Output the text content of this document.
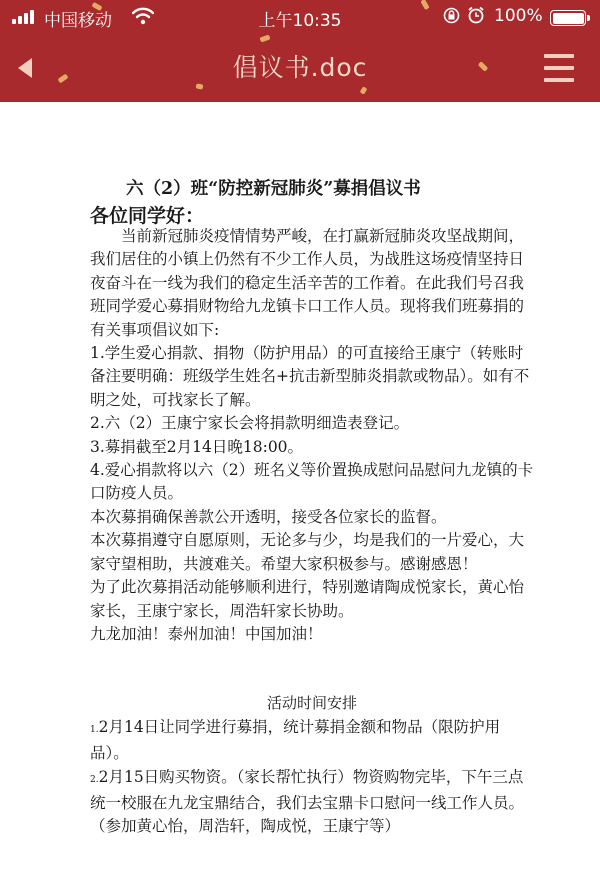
中国移动	上午10:35	100%
倡议书.doc
六（2）班“防控新冠肺炎”募捐倡议书
各位同学好：

当前新冠肺炎疫情情势严峻，在打赢新冠肺炎攻坚战期间，我们居住的小镇上仍然有不少工作人员，为战胜这场疫情坚持日夜奋斗在一线为我们的稳定生活辛苦的工作着。在此我们号召我班同学爱心募捐财物给九龙镇卡口工作人员。现将我们班募捐的有关事项倡议如下:

1.学生爱心捐款、捐物（防护用品）的可直接给王康宁（转账时备注要明确：班级学生姓名+抗击新型肺炎捐款或物品）。如有不明之处，可找家长了解。

2.六（2）王康宁家长会将捐款明细造表登记。

3.募捐截至2月14日晚18:00。

4.爱心捐款将以六（2）班名义等价置换成慰问品慰问九龙镇的卡口防疫人员。

本次募捐确保善款公开透明，接受各位家长的监督。

本次募捐遵守自愿原则，无论多与少，均是我们的一片爱心，大家守望相助，共渡难关。希望大家积极参与。感谢感恩！

为了此次募捐活动能够顺利进行，特别邀请陶成悦家长，黄心怡家长，王康宁家长，周浩轩家长协助。

九龙加油！泰州加油！中国加油！

活动时间安排

1.2月14日让同学进行募捐，统计募捐金额和物品（限防护用品）。

2.2月15日购买物资。（家长帮忙执行）物资购物完毕，下午三点统一校服在九龙宝鼎结合，我们去宝鼎卡口慰问一线工作人员。（参加黄心怡，周浩轩，陶成悦，王康宁等）
